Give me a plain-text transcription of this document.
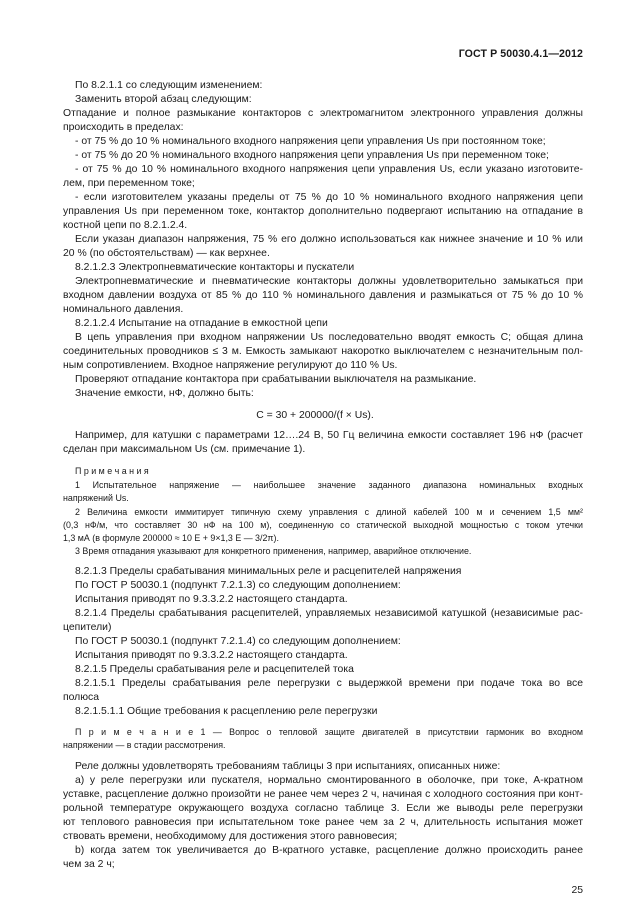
ГОСТ Р 50030.4.1—2012
По 8.2.1.1 со следующим изменением:
Заменить второй абзац следующим:
Отпадание и полное размыкание контакторов с электромагнитом электронного управления должны
происходить в пределах:
- от 75 % до 10 % номинального входного напряжения цепи управления Us при постоянном токе;
- от 75 % до 20 % номинального входного напряжения цепи управления Us при переменном токе;
- от 75 % до 10 % номинального входного напряжения цепи управления Us, если указано изготовите-
лем, при переменном токе;
- если изготовителем указаны пределы от 75 % до 10 % номинального входного напряжения цепи
управления Us при переменном токе, контактор дополнительно подвергают испытанию на отпадание в
костной цепи по 8.2.1.2.4.
Если указан диапазон напряжения, 75 % его должно использоваться как нижнее значение и 10 % или
20 % (по обстоятельствам) — как верхнее.
8.2.1.2.3 Электропневматические контакторы и пускатели
Электропневматические и пневматические контакторы должны удовлетворительно замыкаться при
входном давлении воздуха от 85 % до 110 % номинального давления и размыкаться от 75 % до 10 %
номинального давления.
8.2.1.2.4 Испытание на отпадание в емкостной цепи
В цепь управления при входном напряжении Us последовательно вводят емкость С; общая длина
соединительных проводников ≤ 3 м. Емкость замыкают накоротко выключателем с незначительным пол-
ным сопротивлением. Входное напряжение регулируют до 110 % Us.
Проверяют отпадание контактора при срабатывании выключателя на размыкание.
Значение емкости, нФ, должно быть:
C = 30 + 200000/(f × Us).
Например, для катушки с параметрами 12….24 В, 50 Гц величина емкости составляет 196 нФ (расчет
сделан при максимальном Us (см. примечание 1).
П р и м е ч а н и я
1 Испытательное напряжение — наибольшее значение заданного диапазона номинальных входных
напряжений Us.
2 Величина емкости иммитирует типичную схему управления с длиной кабелей 100 м и сечением 1,5 мм²
(0,3 нФ/м, что составляет 30 нФ на 100 м), соединенную со статической выходной мощностью с током утечки
1,3 мА (в формуле 200000 ≈ 10 E + 9×1,3 E — 3/2π).
3 Время отпадания указывают для конкретного применения, например, аварийное отключение.
8.2.1.3 Пределы срабатывания минимальных реле и расцепителей напряжения
По ГОСТ Р 50030.1 (подпункт 7.2.1.3) со следующим дополнением:
Испытания приводят по 9.3.3.2.2 настоящего стандарта.
8.2.1.4 Пределы срабатывания расцепителей, управляемых независимой катушкой (независимые рас-
цепители)
По ГОСТ Р 50030.1 (подпункт 7.2.1.4) со следующим дополнением:
Испытания приводят по 9.3.3.2.2 настоящего стандарта.
8.2.1.5 Пределы срабатывания реле и расцепителей тока
8.2.1.5.1 Пределы срабатывания реле перегрузки с выдержкой времени при подаче тока во все
полюса
8.2.1.5.1.1 Общие требования к расцеплению реле перегрузки
П р и м е ч а н и е 1 — Вопрос о тепловой защите двигателей в присутствии гармоник во входном
напряжении — в стадии рассмотрения.
Реле должны удовлетворять требованиям таблицы 3 при испытаниях, описанных ниже:
а) у реле перегрузки или пускателя, нормально смонтированного в оболочке, при токе, A-кратном
уставке, расцепление должно произойти не ранее чем через 2 ч, начиная с холодного состояния при конт-
рольной температуре окружающего воздуха согласно таблице 3. Если же выводы реле перегрузки
ют теплового равновесия при испытательном токе ранее чем за 2 ч, длительность испытания может
ствовать времени, необходимому для достижения этого равновесия;
b) когда затем ток увеличивается до B-кратного уставке, расцепление должно происходить ранее
чем за 2 ч;
25
